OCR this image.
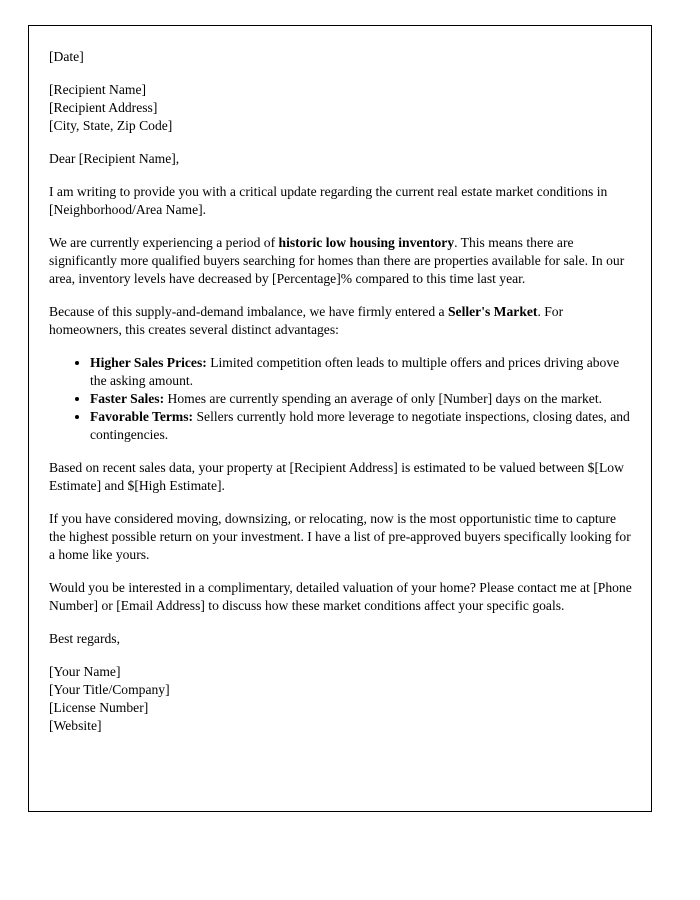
[Date]

[Recipient Name]
[Recipient Address]
[City, State, Zip Code]

Dear [Recipient Name],

I am writing to provide you with a critical update regarding the current real estate market conditions in [Neighborhood/Area Name].

We are currently experiencing a period of historic low housing inventory. This means there are significantly more qualified buyers searching for homes than there are properties available for sale. In our area, inventory levels have decreased by [Percentage]% compared to this time last year.

Because of this supply-and-demand imbalance, we have firmly entered a Seller's Market. For homeowners, this creates several distinct advantages:

• Higher Sales Prices: Limited competition often leads to multiple offers and prices driving above the asking amount.
• Faster Sales: Homes are currently spending an average of only [Number] days on the market.
• Favorable Terms: Sellers currently hold more leverage to negotiate inspections, closing dates, and contingencies.

Based on recent sales data, your property at [Recipient Address] is estimated to be valued between $[Low Estimate] and $[High Estimate].

If you have considered moving, downsizing, or relocating, now is the most opportunistic time to capture the highest possible return on your investment. I have a list of pre-approved buyers specifically looking for a home like yours.

Would you be interested in a complimentary, detailed valuation of your home? Please contact me at [Phone Number] or [Email Address] to discuss how these market conditions affect your specific goals.

Best regards,

[Your Name]
[Your Title/Company]
[License Number]
[Website]
